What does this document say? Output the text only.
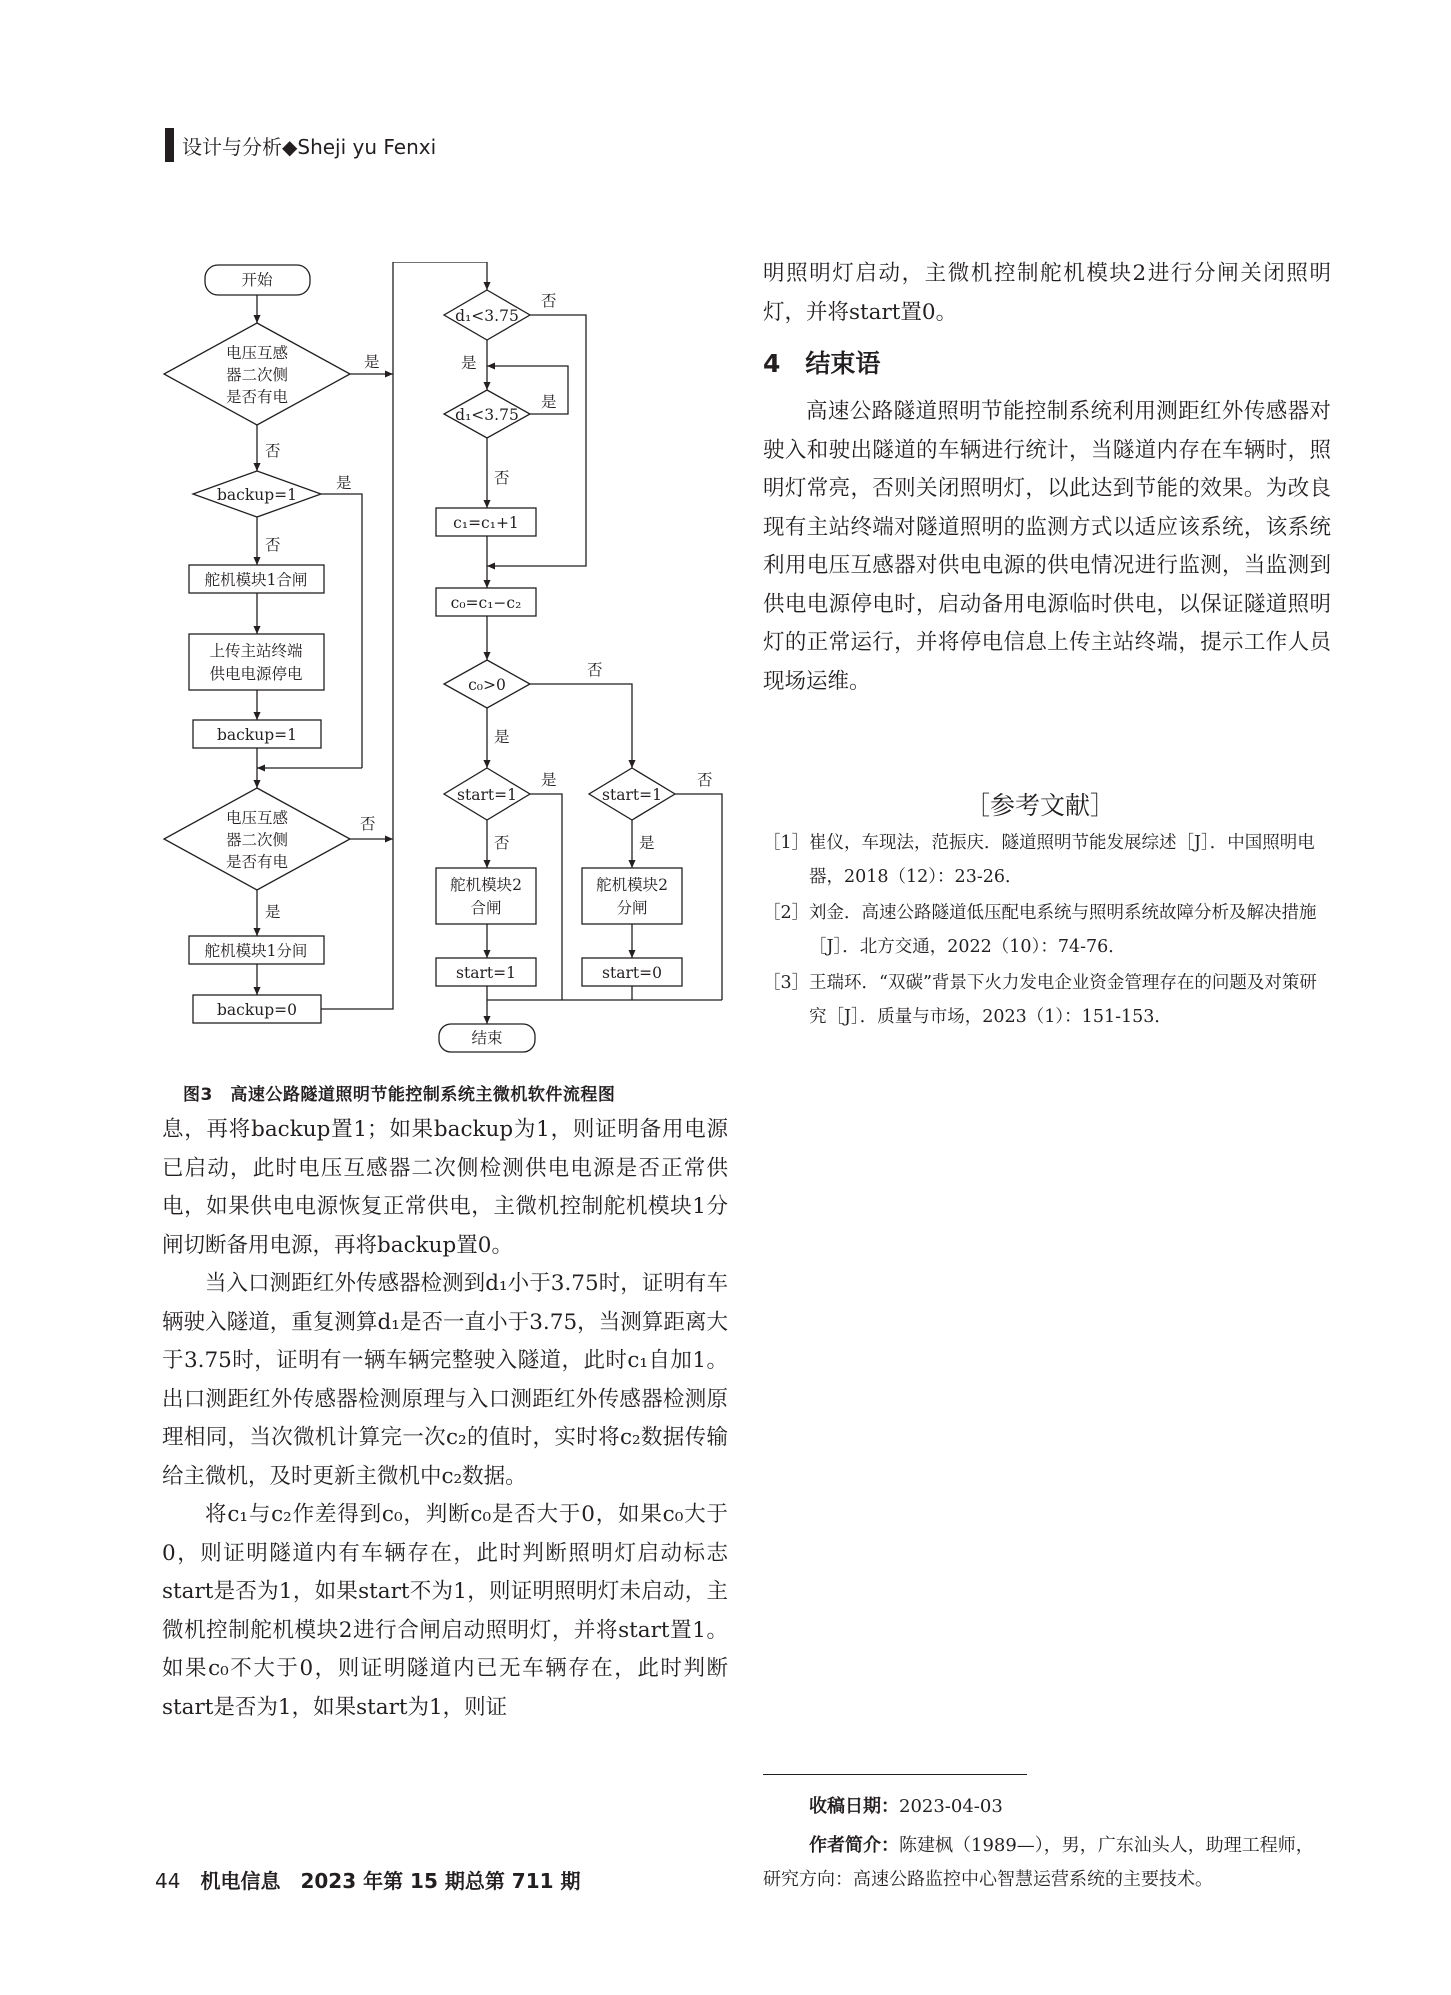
设计与分析◆Sheji yu Fenxi
开始
电压互感
器二次侧
是否有电
是
否
backup=1
是
否
舵机模块1合闸
上传主站终端
供电电源停电
backup=1
电压互感
器二次侧
是否有电
否
是
舵机模块1分间
backup=0
d₁<3.75
否
是
d₁<3.75
是
否
c₁=c₁+1
c₀=c₁−c₂
c₀>0
否
是
start=1
是
否
start=1
否
是
舵机模块2
合闸
舵机模块2
分闸
start=1	start=0
结束
图3　高速公路隧道照明节能控制系统主微机软件流程图

息，再将backup置1；如果backup为1，则证明备用电源已启动，此时电压互感器二次侧检测供电电源是否正常供电，如果供电电源恢复正常供电，主微机控制舵机模块1分闸切断备用电源，再将backup置0。

当入口测距红外传感器检测到d₁小于3.75时，证明有车辆驶入隧道，重复测算d₁是否一直小于3.75，当测算距离大于3.75时，证明有一辆车辆完整驶入隧道，此时c₁自加1。出口测距红外传感器检测原理与入口测距红外传感器检测原理相同，当次微机计算完一次c₂的值时，实时将c₂数据传输给主微机，及时更新主微机中c₂数据。

将c₁与c₂作差得到c₀，判断c₀是否大于0，如果c₀大于0，则证明隧道内有车辆存在，此时判断照明灯启动标志start是否为1，如果start不为1，则证明照明灯未启动，主微机控制舵机模块2进行合闸启动照明灯，并将start置1。如果c₀不大于0，则证明隧道内已无车辆存在，此时判断start是否为1，如果start为1，则证

明照明灯启动，主微机控制舵机模块2进行分闸关闭照明灯，并将start置0。

4　结束语

高速公路隧道照明节能控制系统利用测距红外传感器对驶入和驶出隧道的车辆进行统计，当隧道内存在车辆时，照明灯常亮，否则关闭照明灯，以此达到节能的效果。为改良现有主站终端对隧道照明的监测方式以适应该系统，该系统利用电压互感器对供电电源的供电情况进行监测，当监测到供电电源停电时，启动备用电源临时供电，以保证隧道照明灯的正常运行，并将停电信息上传主站终端，提示工作人员现场运维。

［参考文献］
［1］ 崔仪，车现法，范振庆．隧道照明节能发展综述［J］．中国照明电器，2018（12）：23-26．
［2］ 刘金．高速公路隧道低压配电系统与照明系统故障分析及解决措施［J］．北方交通，2022（10）：74-76．
［3］ 王瑞环．“双碳”背景下火力发电企业资金管理存在的问题及对策研究［J］．质量与市场，2023（1）：151-153．
收稿日期：2023-04-03
作者简介：陈建枫（1989—），男，广东汕头人，助理工程师，研究方向：高速公路监控中心智慧运营系统的主要技术。
44 机电信息　2023 年第 15 期总第 711 期
